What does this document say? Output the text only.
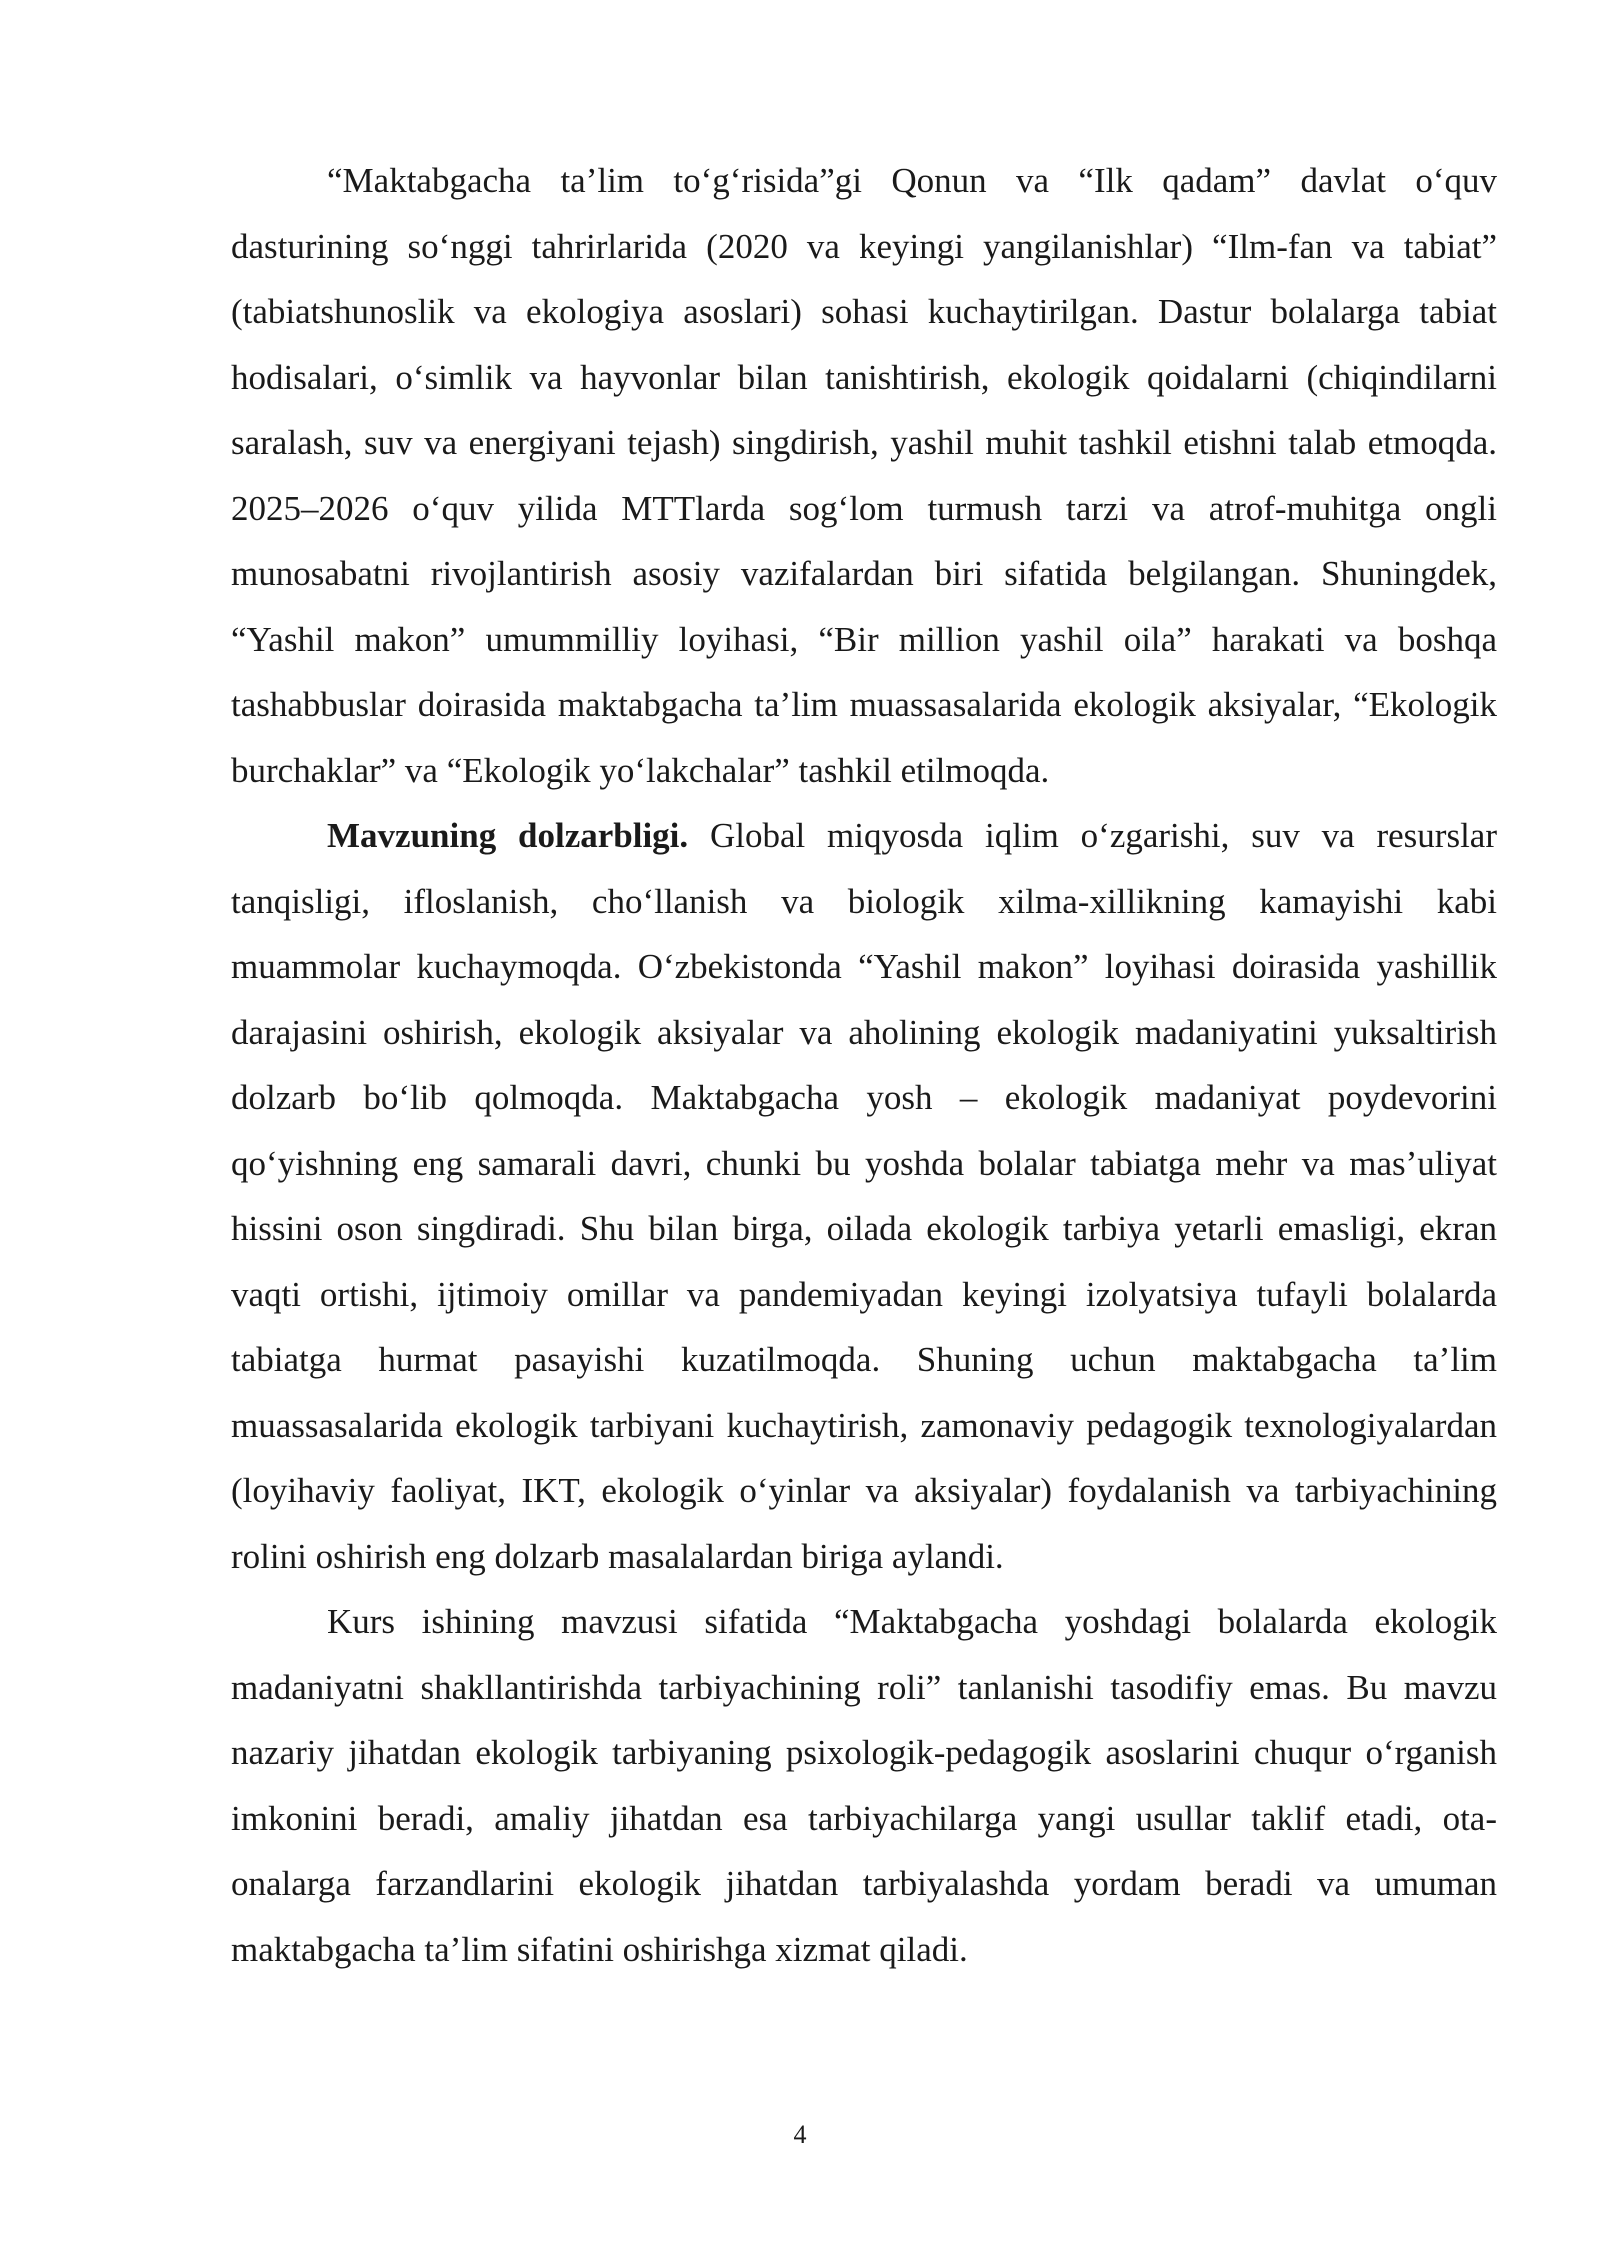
“Maktabgacha ta’lim to‘g‘risida”gi Qonun va “Ilk qadam” davlat o‘quv dasturining so‘nggi tahrirlarida (2020 va keyingi yangilanishlar) “Ilm-fan va tabiat” (tabiatshunoslik va ekologiya asoslari) sohasi kuchaytirilgan. Dastur bolalarga tabiat hodisalari, o‘simlik va hayvonlar bilan tanishtirish, ekologik qoidalarni (chiqindilarni saralash, suv va energiyani tejash) singdirish, yashil muhit tashkil etishni talab etmoqda. 2025–2026 o‘quv yilida MTTlarda sog‘lom turmush tarzi va atrof-muhitga ongli munosabatni rivojlantirish asosiy vazifalardan biri sifatida belgilangan. Shuningdek, “Yashil makon” umummilliy loyihasi, “Bir million yashil oila” harakati va boshqa tashabbuslar doirasida maktabgacha ta’lim muassasalarida ekologik aksiyalar, “Ekologik burchaklar” va “Ekologik yo‘lakchalar” tashkil etilmoqda.

Mavzuning dolzarbligi. Global miqyosda iqlim o‘zgarishi, suv va resurslar tanqisligi, ifloslanish, cho‘llanish va biologik xilma-xillikning kamayishi kabi muammolar kuchaymoqda. O‘zbekistonda “Yashil makon” loyihasi doirasida yashillik darajasini oshirish, ekologik aksiyalar va aholining ekologik madaniyatini yuksaltirish dolzarb bo‘lib qolmoqda. Maktabgacha yosh – ekologik madaniyat poydevorini qo‘yishning eng samarali davri, chunki bu yoshda bolalar tabiatga mehr va mas’uliyat hissini oson singdiradi. Shu bilan birga, oilada ekologik tarbiya yetarli emasligi, ekran vaqti ortishi, ijtimoiy omillar va pandemiyadan keyingi izolyatsiya tufayli bolalarda tabiatga hurmat pasayishi kuzatilmoqda. Shuning uchun maktabgacha ta’lim muassasalarida ekologik tarbiyani kuchaytirish, zamonaviy pedagogik texnologiyalardan (loyihaviy faoliyat, IKT, ekologik o‘yinlar va aksiyalar) foydalanish va tarbiyachining rolini oshirish eng dolzarb masalalardan biriga aylandi.

Kurs ishining mavzusi sifatida “Maktabgacha yoshdagi bolalarda ekologik madaniyatni shakllantirishda tarbiyachining roli” tanlanishi tasodifiy emas. Bu mavzu nazariy jihatdan ekologik tarbiyaning psixologik-pedagogik asoslarini chuqur o‘rganish imkonini beradi, amaliy jihatdan esa tarbiyachilarga yangi usullar taklif etadi, ota-onalarga farzandlarini ekologik jihatdan tarbiyalashda yordam beradi va umuman maktabgacha ta’lim sifatini oshirishga xizmat qiladi.

4
